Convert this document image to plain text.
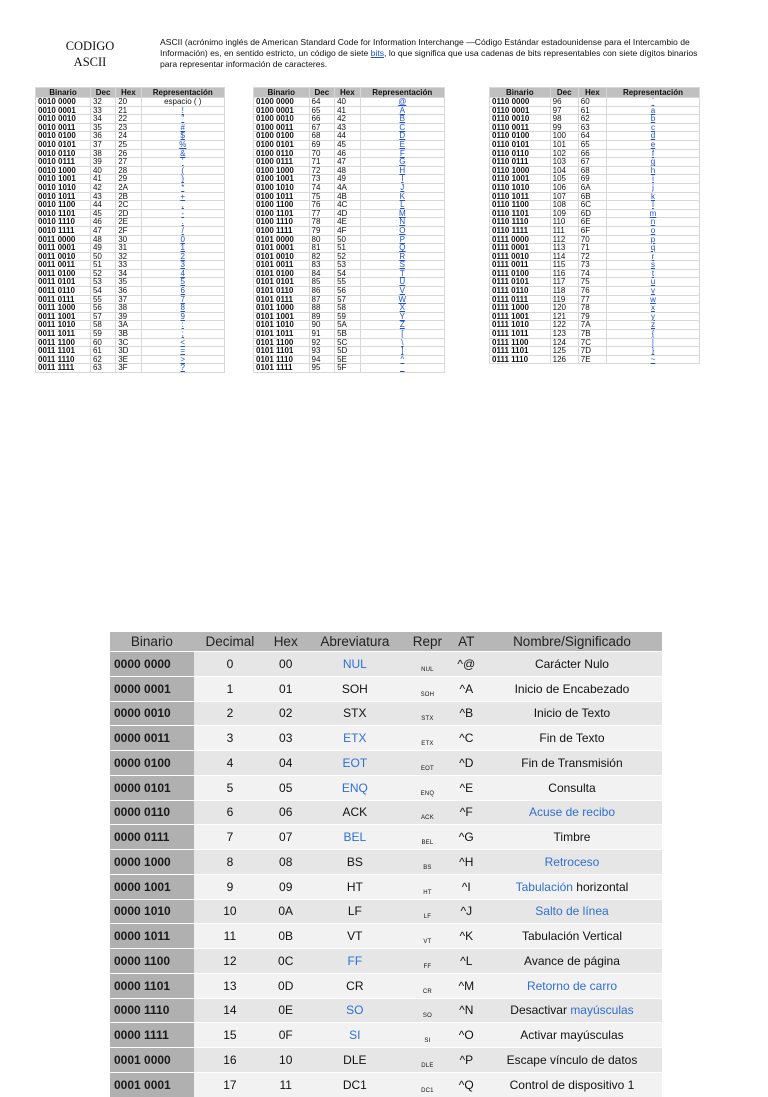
CODIGO ASCII
ASCII (acrónimo inglés de American Standard Code for Information Interchange —Código Estándar estadounidense para el Intercambio de Información) es, en sentido estricto, un código de siete bits, lo que significa que usa cadenas de bits representables con siete dígitos binarios para representar información de caracteres.
Binario	Dec	Hex	Representación
0010 0000	32	20	espacio ( )
0010 0001	33	21	!
0010 0010	34	22	"
0010 0011	35	23	#
0010 0100	36	24	$
0010 0101	37	25	%
0010 0110	38	26	&
0010 0111	39	27	'
0010 1000	40	28	(
0010 1001	41	29	)
0010 1010	42	2A	*
0010 1011	43	2B	+
0010 1100	44	2C	,
0010 1101	45	2D	-
0010 1110	46	2E	.
0010 1111	47	2F	/
0011 0000	48	30	0
0011 0001	49	31	1
0011 0010	50	32	2
0011 0011	51	33	3
0011 0100	52	34	4
0011 0101	53	35	5
0011 0110	54	36	6
0011 0111	55	37	7
0011 1000	56	38	8
0011 1001	57	39	9
0011 1010	58	3A	:
0011 1011	59	3B	;
0011 1100	60	3C	<
0011 1101	61	3D	=
0011 1110	62	3E	>
0011 1111	63	3F	?
Binario	Dec	Hex	Representación
0100 0000	64	40	@
0100 0001	65	41	A
0100 0010	66	42	B
0100 0011	67	43	C
0100 0100	68	44	D
0100 0101	69	45	E
0100 0110	70	46	F
0100 0111	71	47	G
0100 1000	72	48	H
0100 1001	73	49	I
0100 1010	74	4A	J
0100 1011	75	4B	K
0100 1100	76	4C	L
0100 1101	77	4D	M
0100 1110	78	4E	N
0100 1111	79	4F	O
0101 0000	80	50	P
0101 0001	81	51	Q
0101 0010	82	52	R
0101 0011	83	53	S
0101 0100	84	54	T
0101 0101	85	55	U
0101 0110	86	56	V
0101 0111	87	57	W
0101 1000	88	58	X
0101 1001	89	59	Y
0101 1010	90	5A	Z
0101 1011	91	5B	[
0101 1100	92	5C	\
0101 1101	93	5D	]
0101 1110	94	5E	^
0101 1111	95	5F	_
Binario	Dec	Hex	Representación
0110 0000	96	60	`
0110 0001	97	61	a
0110 0010	98	62	b
0110 0011	99	63	c
0110 0100	100	64	d
0110 0101	101	65	e
0110 0110	102	66	f
0110 0111	103	67	g
0110 1000	104	68	h
0110 1001	105	69	i
0110 1010	106	6A	j
0110 1011	107	6B	k
0110 1100	108	6C	l
0110 1101	109	6D	m
0110 1110	110	6E	n
0110 1111	111	6F	o
0111 0000	112	70	p
0111 0001	113	71	q
0111 0010	114	72	r
0111 0011	115	73	s
0111 0100	116	74	t
0111 0101	117	75	u
0111 0110	118	76	v
0111 0111	119	77	w
0111 1000	120	78	x
0111 1001	121	79	y
0111 1010	122	7A	z
0111 1011	123	7B	{
0111 1100	124	7C	|
0111 1101	125	7D	}
0111 1110	126	7E	~
Binario	Decimal	Hex	Abreviatura	Repr	AT	Nombre/Significado
0000 0000	0	00	NUL	NUL	^@	Carácter Nulo
0000 0001	1	01	SOH	SOH	^A	Inicio de Encabezado
0000 0010	2	02	STX	STX	^B	Inicio de Texto
0000 0011	3	03	ETX	ETX	^C	Fin de Texto
0000 0100	4	04	EOT	EOT	^D	Fin de Transmisión
0000 0101	5	05	ENQ	ENQ	^E	Consulta
0000 0110	6	06	ACK	ACK	^F	Acuse de recibo
0000 0111	7	07	BEL	BEL	^G	Timbre
0000 1000	8	08	BS	BS	^H	Retroceso
0000 1001	9	09	HT	HT	^I	Tabulación horizontal
0000 1010	10	0A	LF	LF	^J	Salto de línea
0000 1011	11	0B	VT	VT	^K	Tabulación Vertical
0000 1100	12	0C	FF	FF	^L	Avance de página
0000 1101	13	0D	CR	CR	^M	Retorno de carro
0000 1110	14	0E	SO	SO	^N	Desactivar mayúsculas
0000 1111	15	0F	SI	SI	^O	Activar mayúsculas
0001 0000	16	10	DLE	DLE	^P	Escape vínculo de datos
0001 0001	17	11	DC1	DC1	^Q	Control de dispositivo 1
